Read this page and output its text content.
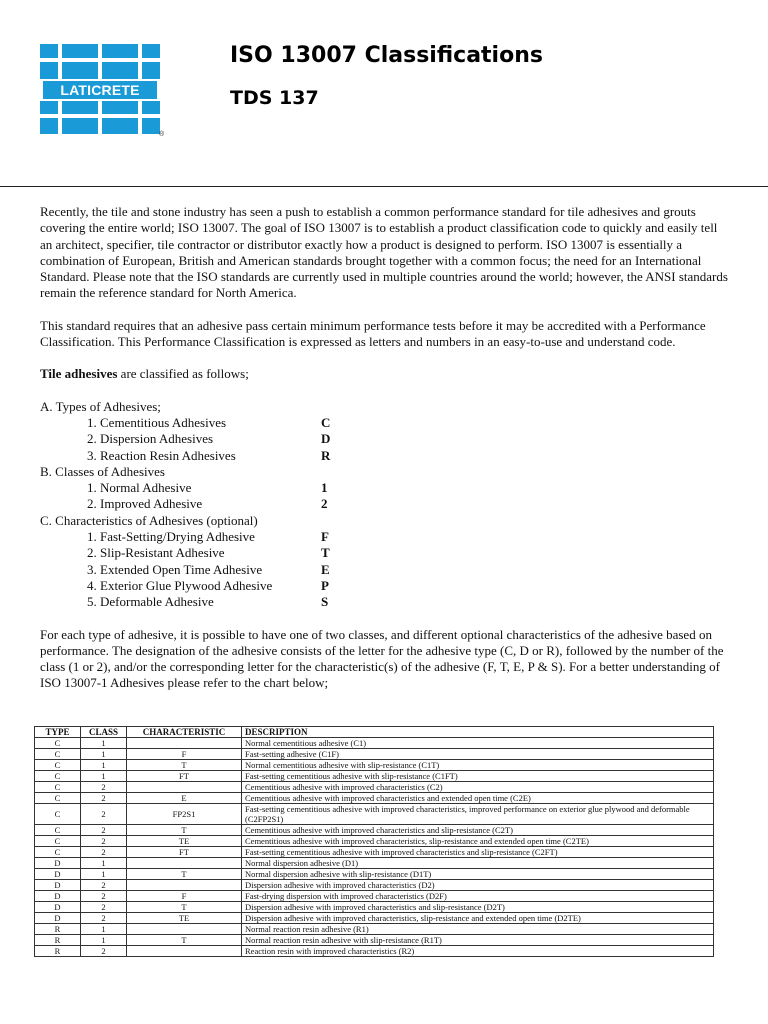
LATICRETE
®
ISO 13007 Classifications
TDS 137

Recently, the tile and stone industry has seen a push to establish a common performance standard for tile adhesives and grouts covering the entire world; ISO 13007. The goal of ISO 13007 is to establish a product classification code to quickly and easily tell an architect, specifier, tile contractor or distributor exactly how a product is designed to perform. ISO 13007 is essentially a combination of European, British and American standards brought together with a common focus; the need for an International Standard. Please note that the ISO standards are currently used in multiple countries around the world; however, the ANSI standards remain the reference standard for North America.

This standard requires that an adhesive pass certain minimum performance tests before it may be accredited with a Performance Classification. This Performance Classification is expressed as letters and numbers in an easy-to-use and understand code.

Tile adhesives are classified as follows;

A. Types of Adhesives;
1. Cementitious Adhesives	C
2. Dispersion Adhesives	D
3. Reaction Resin Adhesives	R
B. Classes of Adhesives
1. Normal Adhesive	1
2. Improved Adhesive	2
C. Characteristics of Adhesives (optional)
1. Fast-Setting/Drying Adhesive	F
2. Slip-Resistant Adhesive	T
3. Extended Open Time Adhesive	E
4. Exterior Glue Plywood Adhesive	P
5. Deformable Adhesive	S

For each type of adhesive, it is possible to have one of two classes, and different optional characteristics of the adhesive based on performance. The designation of the adhesive consists of the letter for the adhesive type (C, D or R), followed by the number of the class (1 or 2), and/or the corresponding letter for the characteristic(s) of the adhesive (F, T, E, P & S). For a better understanding of ISO 13007-1 Adhesives please refer to the chart below;

TYPE	CLASS	CHARACTERISTIC	DESCRIPTION
C	1		Normal cementitious adhesive (C1)
C	1	F	Fast-setting adhesive (C1F)
C	1	T	Normal cementitious adhesive with slip-resistance (C1T)
C	1	FT	Fast-setting cementitious adhesive with slip-resistance (C1FT)
C	2		Cementitious adhesive with improved characteristics (C2)
C	2	E	Cementitious adhesive with improved characteristics and extended open time (C2E)
C	2	FP2S1	Fast-setting cementitious adhesive with improved characteristics, improved performance on exterior glue plywood and deformable (C2FP2S1)
C	2	T	Cementitious adhesive with improved characteristics and slip-resistance (C2T)
C	2	TE	Cementitious adhesive with improved characteristics, slip-resistance and extended open time (C2TE)
C	2	FT	Fast-setting cementitious adhesive with improved characteristics and slip-resistance (C2FT)
D	1		Normal dispersion adhesive (D1)
D	1	T	Normal dispersion adhesive with slip-resistance (D1T)
D	2		Dispersion adhesive with improved characteristics (D2)
D	2	F	Fast-drying dispersion with improved characteristics (D2F)
D	2	T	Dispersion adhesive with improved characteristics and slip-resistance (D2T)
D	2	TE	Dispersion adhesive with improved characteristics, slip-resistance and extended open time (D2TE)
R	1		Normal reaction resin adhesive (R1)
R	1	T	Normal reaction resin adhesive with slip-resistance (R1T)
R	2		Reaction resin with improved characteristics (R2)
